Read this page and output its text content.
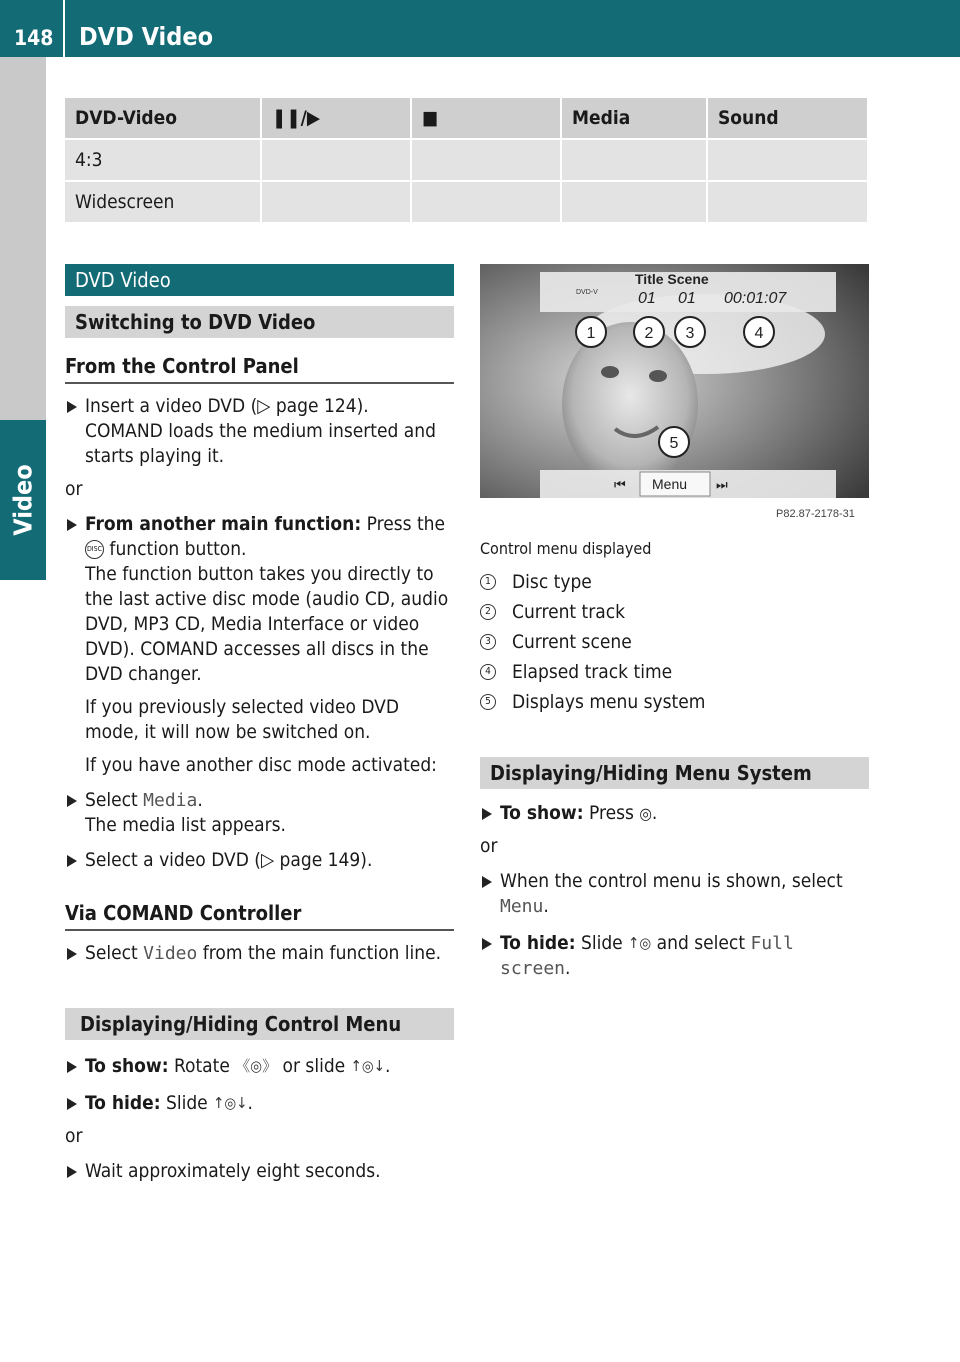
148 DVD Video
Video
DVD-Video	❚❚/▶	■	Media	Sound
4:3				
Widescreen				
DVD Video
Switching to DVD Video
From the Control Panel

Insert a video DVD (▷ page 124).

COMAND loads the medium inserted and starts playing it.

or

From another main function: Press the
DISC function button.

The function button takes you directly to the last active disc mode (audio CD, audio DVD, MP3 CD, Media Interface or video DVD). COMAND accesses all discs in the DVD changer.

If you previously selected video DVD mode, it will now be switched on.

If you have another disc mode activated:

Select Media.

The media list appears.

Select a video DVD (▷ page 149).

Via COMAND Controller

Select Video from the main function line.

Displaying/Hiding Control Menu

To show: Rotate 《◎》 or slide ↑◎↓.

To hide: Slide ↑◎↓.

or

Wait approximately eight seconds.

DVD-V
Title Scene
01 01 00:01:07
1	2 3	4
5
Menu
⏮	⏭
P82.87-2178-31

Control menu displayed

1 Disc type
2 Current track
3 Current scene
4 Elapsed track time
5 Displays menu system
Displaying/Hiding Menu System

To show: Press ◎.

or

When the control menu is shown, select Menu.

To hide: Slide ↑◎ and select Full screen.
